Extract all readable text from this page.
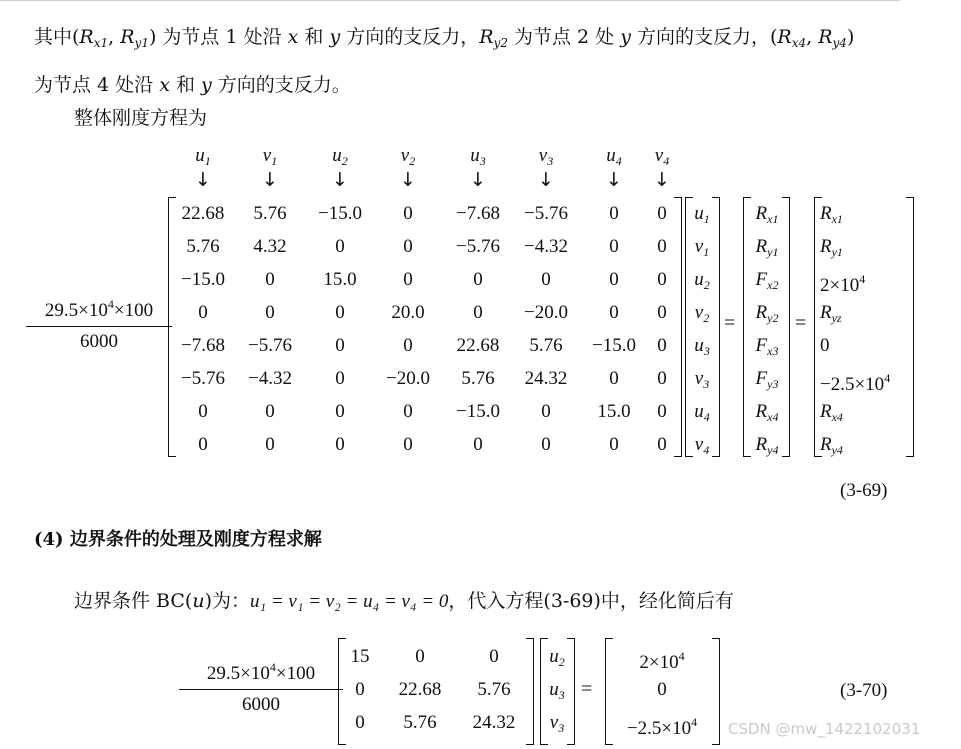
其中($R_{x1}$, $R_{y1}$) 为节点 1 处沿 x 和 y 方向的支反力，$R_{y2}$ 为节点 2 处 y 方向的支反力，($R_{x4}$, $R_{y4}$)
为节点 4 处沿 x 和 y 方向的支反力。
整体刚度方程为
$\frac{29.5\times 10^4\times 100}{6000}$
$u_1$
↓
22.68
5.76
−15.0
0
−7.68
−5.76
0
0
$v_1$
↓
5.76
4.32
0
0
−5.76
−4.32
0
0
$u_2$
↓
−15.0
0
15.0
0
0
0
0
0
$v_2$
↓
0
0
0
20.0
0
−20.0
0
0
$u_3$
↓
−7.68
−5.76
0
0
22.68
5.76
−15.0
0
$v_3$
↓
−5.76
−4.32
0
−20.0
5.76
24.32
0
0
$u_4$
↓
0
0
0
0
−15.0
0
15.0
0
$v_4$
↓
0
0
0
0
0
0
0
0
$u_1$
$v_1$
$u_2$
$v_2$
$u_3$
$v_3$
$u_4$
$v_4$
=
$R_{x1}$
$R_{y1}$
$F_{x2}$
$R_{y2}$
$F_{x3}$
$F_{y3}$
$R_{x4}$
$R_{y4}$
=
$R_{x1}$
$R_{y1}$
$2\times 10^4$
$R_{yz}$
0
$-2.5\times 10^4$
$R_{x4}$
$R_{y4}$
(3-69)
(4) 边界条件的处理及刚度方程求解
边界条件 BC(u)为：u₁ = v₁ = v₂ = u₄ = v₄ = 0，代入方程(3-69)中，经化简后有
$\frac{29.5\times 10^4\times 100}{6000}$
15
0
0
0
22.68
5.76
0
5.76
24.32
$u_2$
$u_3$
$v_3$
=
$2\times 10^4$
0
$-2.5\times 10^4$
(3-70)
CSDN @mw_1422102031
